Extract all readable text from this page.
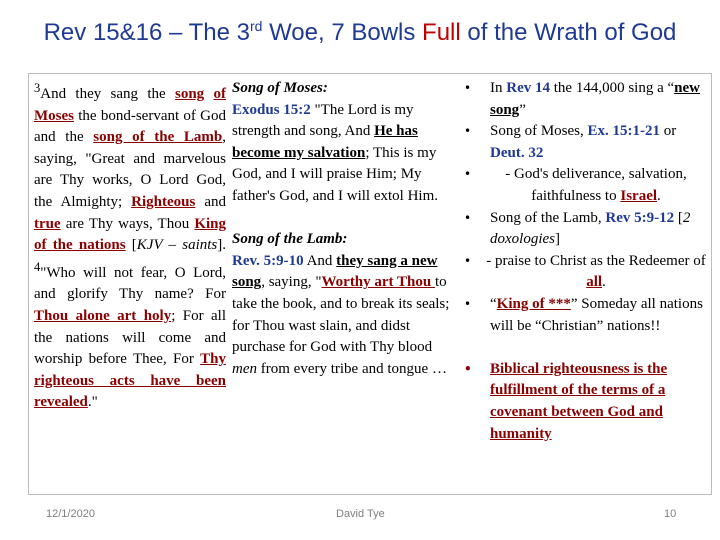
Rev 15&16 – The 3rd Woe, 7 Bowls Full of the Wrath of God
$^3$And they sang the song of Moses the bond-servant of God and the song of the Lamb, saying, "Great and marvelous are Thy works, O Lord God, the Almighty; Righteous and true are Thy ways, Thou King of the nations [KJV – saints]. $^4$"Who will not fear, O Lord, and glorify Thy name? For Thou alone art holy; For all the nations will come and worship before Thee, For Thy righteous acts have been revealed."
Song of Moses:
Exodus 15:2 "The Lord is my strength and song, And He has become my salvation; This is my God, and I will praise Him; My father's God, and I will extol Him.
Song of the Lamb:
Rev. 5:9-10 And they sang a new song, saying, "Worthy art Thou to take the book, and to break its seals; for Thou wast slain, and didst purchase for God with Thy blood men from every tribe and tongue …
• In Rev 14 the 144,000 sing a “new song”
• Song of Moses, Ex. 15:1-21 or Deut. 32
• - God's deliverance, salvation, faithfulness to Israel.
• Song of the Lamb, Rev 5:9-12 [2 doxologies]
• - praise to Christ as the Redeemer of all.
• “King of ***” Someday all nations will be “Christian” nations!!
• Biblical righteousness is the fulfillment of the terms of a covenant between God and humanity
12/1/2020	David Tye	10
